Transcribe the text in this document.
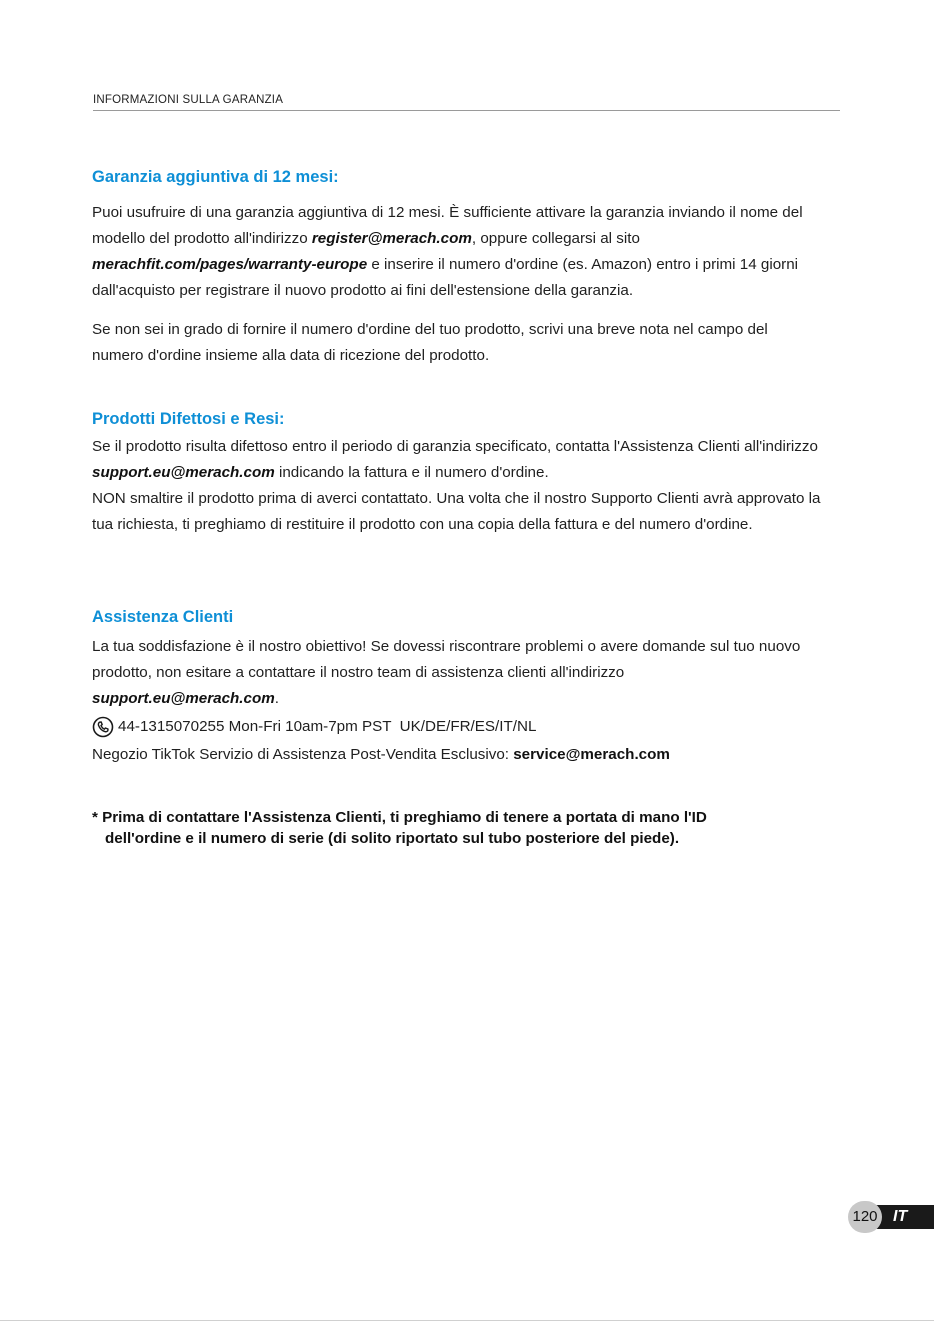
INFORMAZIONI SULLA GARANZIA
Garanzia aggiuntiva di 12 mesi:

Puoi usufruire di una garanzia aggiuntiva di 12 mesi. È sufficiente attivare la garanzia inviando il nome del modello del prodotto all'indirizzo register@merach.com, oppure collegarsi al sito merachfit.com/pages/warranty-europe e inserire il numero d'ordine (es. Amazon) entro i primi 14 giorni dall'acquisto per registrare il nuovo prodotto ai fini dell'estensione della garanzia.

Se non sei in grado di fornire il numero d'ordine del tuo prodotto, scrivi una breve nota nel campo del numero d'ordine insieme alla data di ricezione del prodotto.

Prodotti Difettosi e Resi:

Se il prodotto risulta difettoso entro il periodo di garanzia specificato, contatta l'Assistenza Clienti all'indirizzo support.eu@merach.com indicando la fattura e il numero d'ordine.
NON smaltire il prodotto prima di averci contattato. Una volta che il nostro Supporto Clienti avrà approvato la tua richiesta, ti preghiamo di restituire il prodotto con una copia della fattura e del numero d'ordine.

Assistenza Clienti

La tua soddisfazione è il nostro obiettivo! Se dovessi riscontrare problemi o avere domande sul tuo nuovo prodotto, non esitare a contattare il nostro team di assistenza clienti all'indirizzo
support.eu@merach.com.

44-1315070255 Mon-Fri 10am-7pm PST  UK/DE/FR/ES/IT/NL

Negozio TikTok Servizio di Assistenza Post-Vendita Esclusivo: service@merach.com

* Prima di contattare l'Assistenza Clienti, ti preghiamo di tenere a portata di mano l'ID
dell'ordine e il numero di serie (di solito riportato sul tubo posteriore del piede).
IT
120
